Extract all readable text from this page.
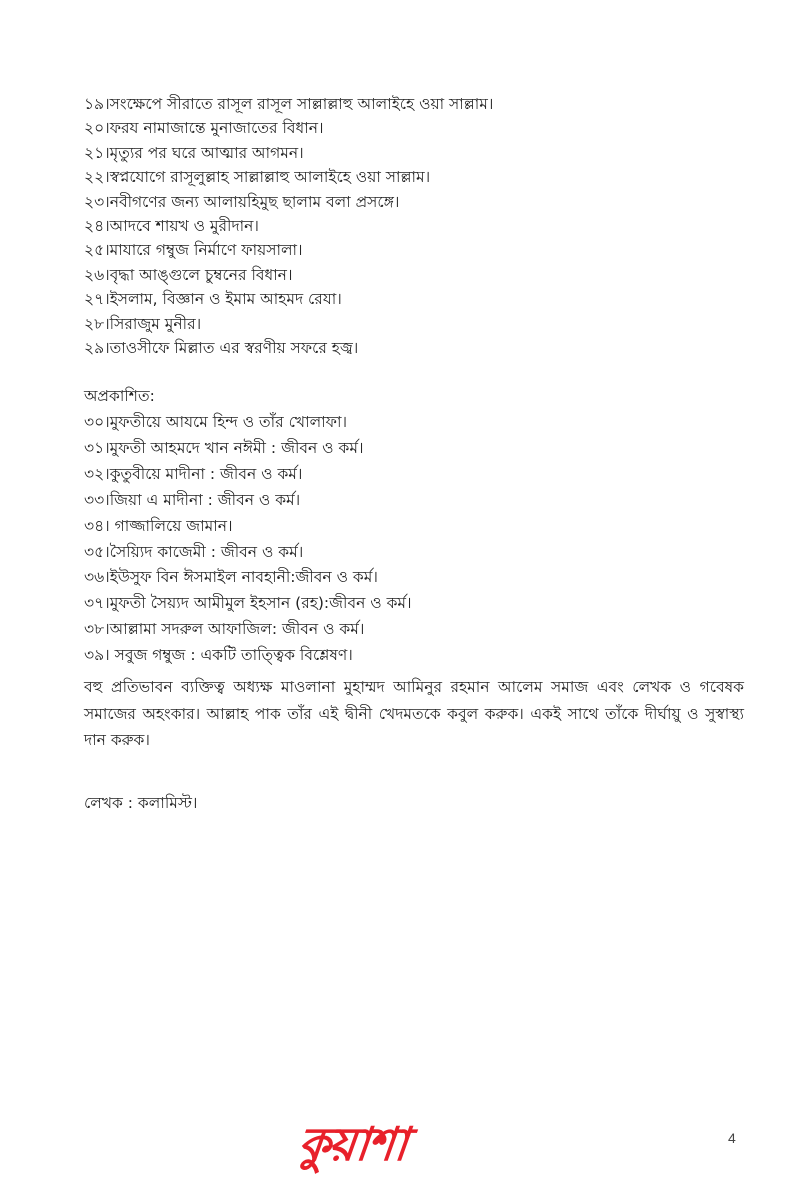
১৯।সংক্ষেপে সীরাতে রাসূল রাসূল সাল্লাল্লাহু আলাইহে ওয়া সাল্লাম।
২০।ফরয নামাজান্তে মুনাজাতের বিধান।
২১।মৃত্যুর পর ঘরে আত্মার আগমন।
২২।স্বপ্নযোগে রাসূলুল্লাহ সাল্লাল্লাহু আলাইহে ওয়া সাল্লাম।
২৩।নবীগণের জন্য আলায়হিমুছ ছালাম বলা প্রসঙ্গে।
২৪।আদবে শায়খ ও মুরীদান।
২৫।মাযারে গম্বুজ নির্মাণে ফায়সালা।
২৬।বৃদ্ধা আঙ্গুলে চুম্বনের বিধান।
২৭।ইসলাম, বিজ্ঞান ও ইমাম আহমদ রেযা।
২৮।সিরাজুম মুনীর।
২৯।তাওসীফে মিল্লাত এর স্বরণীয় সফরে হজ্ব।
অপ্রকাশিত:
৩০।মুফতীয়ে আযমে হিন্দ ও তাঁর খোলাফা।
৩১।মুফতী আহমদে খান নঈমী : জীবন ও কর্ম।
৩২।কুতুবীয়ে মাদীনা : জীবন ও কর্ম।
৩৩।জিয়া এ মাদীনা : জীবন ও কর্ম।
৩৪। গাজ্জালিয়ে জামান।
৩৫।সৈয়্যিদ কাজেমী : জীবন ও কর্ম।
৩৬।ইউসুফ বিন ঈসমাইল নাবহানী:জীবন ও কর্ম।
৩৭।মুফতী সৈয়্যদ আমীমুল ইহসান (রহ):জীবন ও কর্ম।
৩৮।আল্লামা সদরুল আফাজিল: জীবন ও কর্ম।
৩৯। সবুজ গম্বুজ : একটি তাত্ত্বিক বিশ্লেষণ।
বহু প্রতিভাবন ব্যক্তিত্ব অধ্যক্ষ মাওলানা মুহাম্মদ আমিনুর রহমান আলেম সমাজ এবং লেখক ও গবেষক সমাজের অহংকার। আল্লাহ পাক তাঁর এই দ্বীনী খেদমতকে কবুল করুক। একই সাথে তাঁকে দীর্ঘায়ু ও সুস্বাস্থ্য দান করুক।
লেখক : কলামিস্ট।
কুয়াশা	4
